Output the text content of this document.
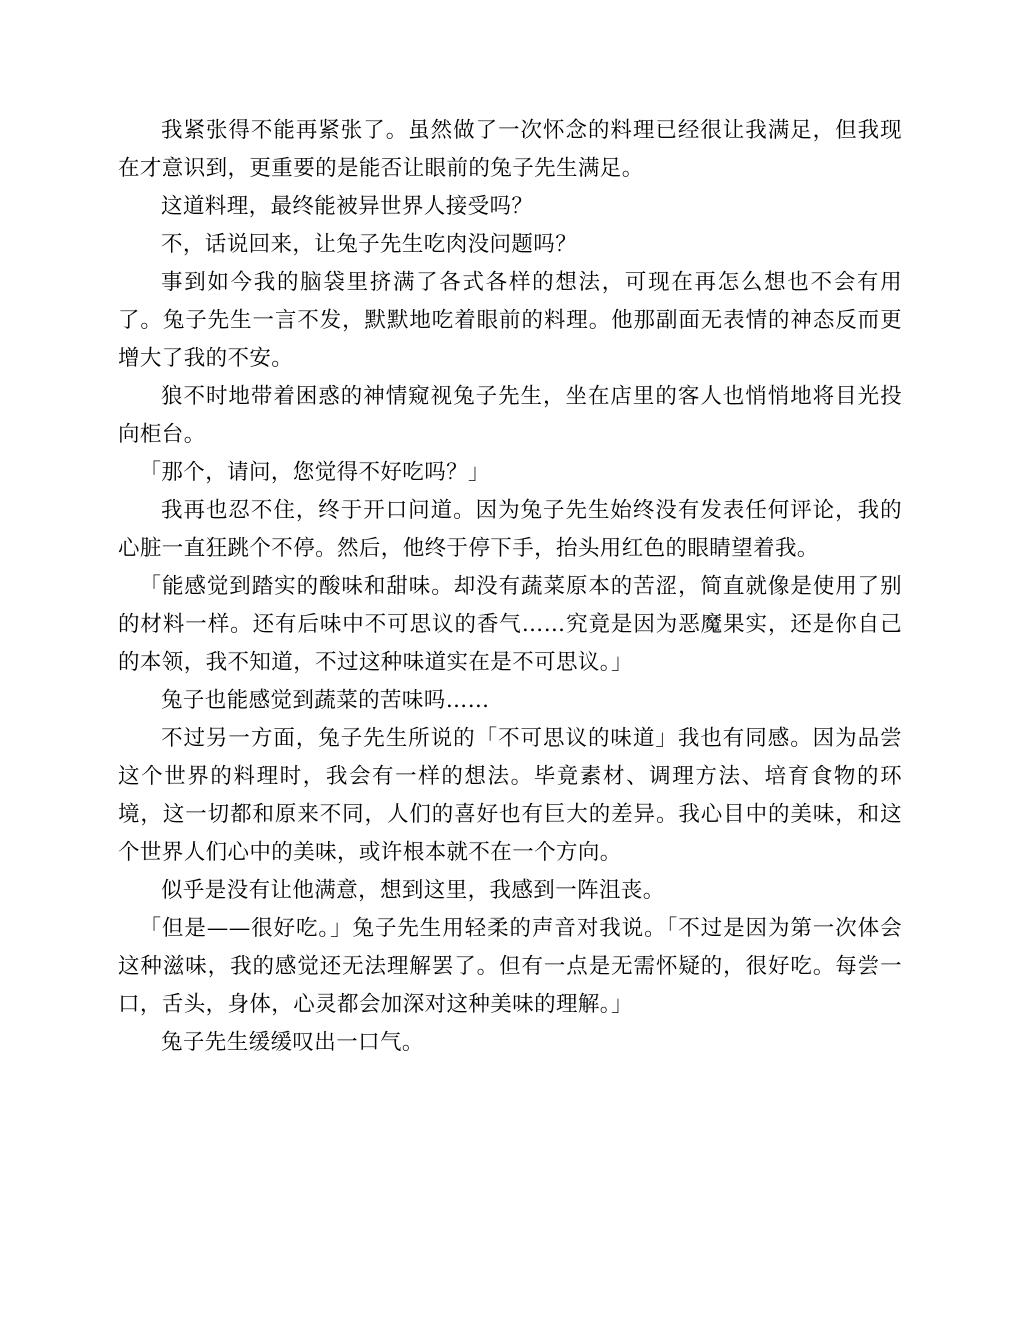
我紧张得不能再紧张了。虽然做了一次怀念的料理已经很让我满足，但我现在才意识到，更重要的是能否让眼前的兔子先生满足。

这道料理，最终能被异世界人接受吗？

不，话说回来，让兔子先生吃肉没问题吗？

事到如今我的脑袋里挤满了各式各样的想法，可现在再怎么想也不会有用了。兔子先生一言不发，默默地吃着眼前的料理。他那副面无表情的神态反而更增大了我的不安。

狼不时地带着困惑的神情窥视兔子先生，坐在店里的客人也悄悄地将目光投向柜台。

「那个，请问，您觉得不好吃吗？」

我再也忍不住，终于开口问道。因为兔子先生始终没有发表任何评论，我的心脏一直狂跳个不停。然后，他终于停下手，抬头用红色的眼睛望着我。

「能感觉到踏实的酸味和甜味。却没有蔬菜原本的苦涩，简直就像是使用了别的材料一样。还有后味中不可思议的香气……究竟是因为恶魔果实，还是你自己的本领，我不知道，不过这种味道实在是不可思议。」

兔子也能感觉到蔬菜的苦味吗……

不过另一方面，兔子先生所说的「不可思议的味道」我也有同感。因为品尝这个世界的料理时，我会有一样的想法。毕竟素材、调理方法、培育食物的环境，这一切都和原来不同，人们的喜好也有巨大的差异。我心目中的美味，和这个世界人们心中的美味，或许根本就不在一个方向。

似乎是没有让他满意，想到这里，我感到一阵沮丧。

「但是——很好吃。」兔子先生用轻柔的声音对我说。「不过是因为第一次体会这种滋味，我的感觉还无法理解罢了。但有一点是无需怀疑的，很好吃。每尝一口，舌头，身体，心灵都会加深对这种美味的理解。」

兔子先生缓缓叹出一口气。
